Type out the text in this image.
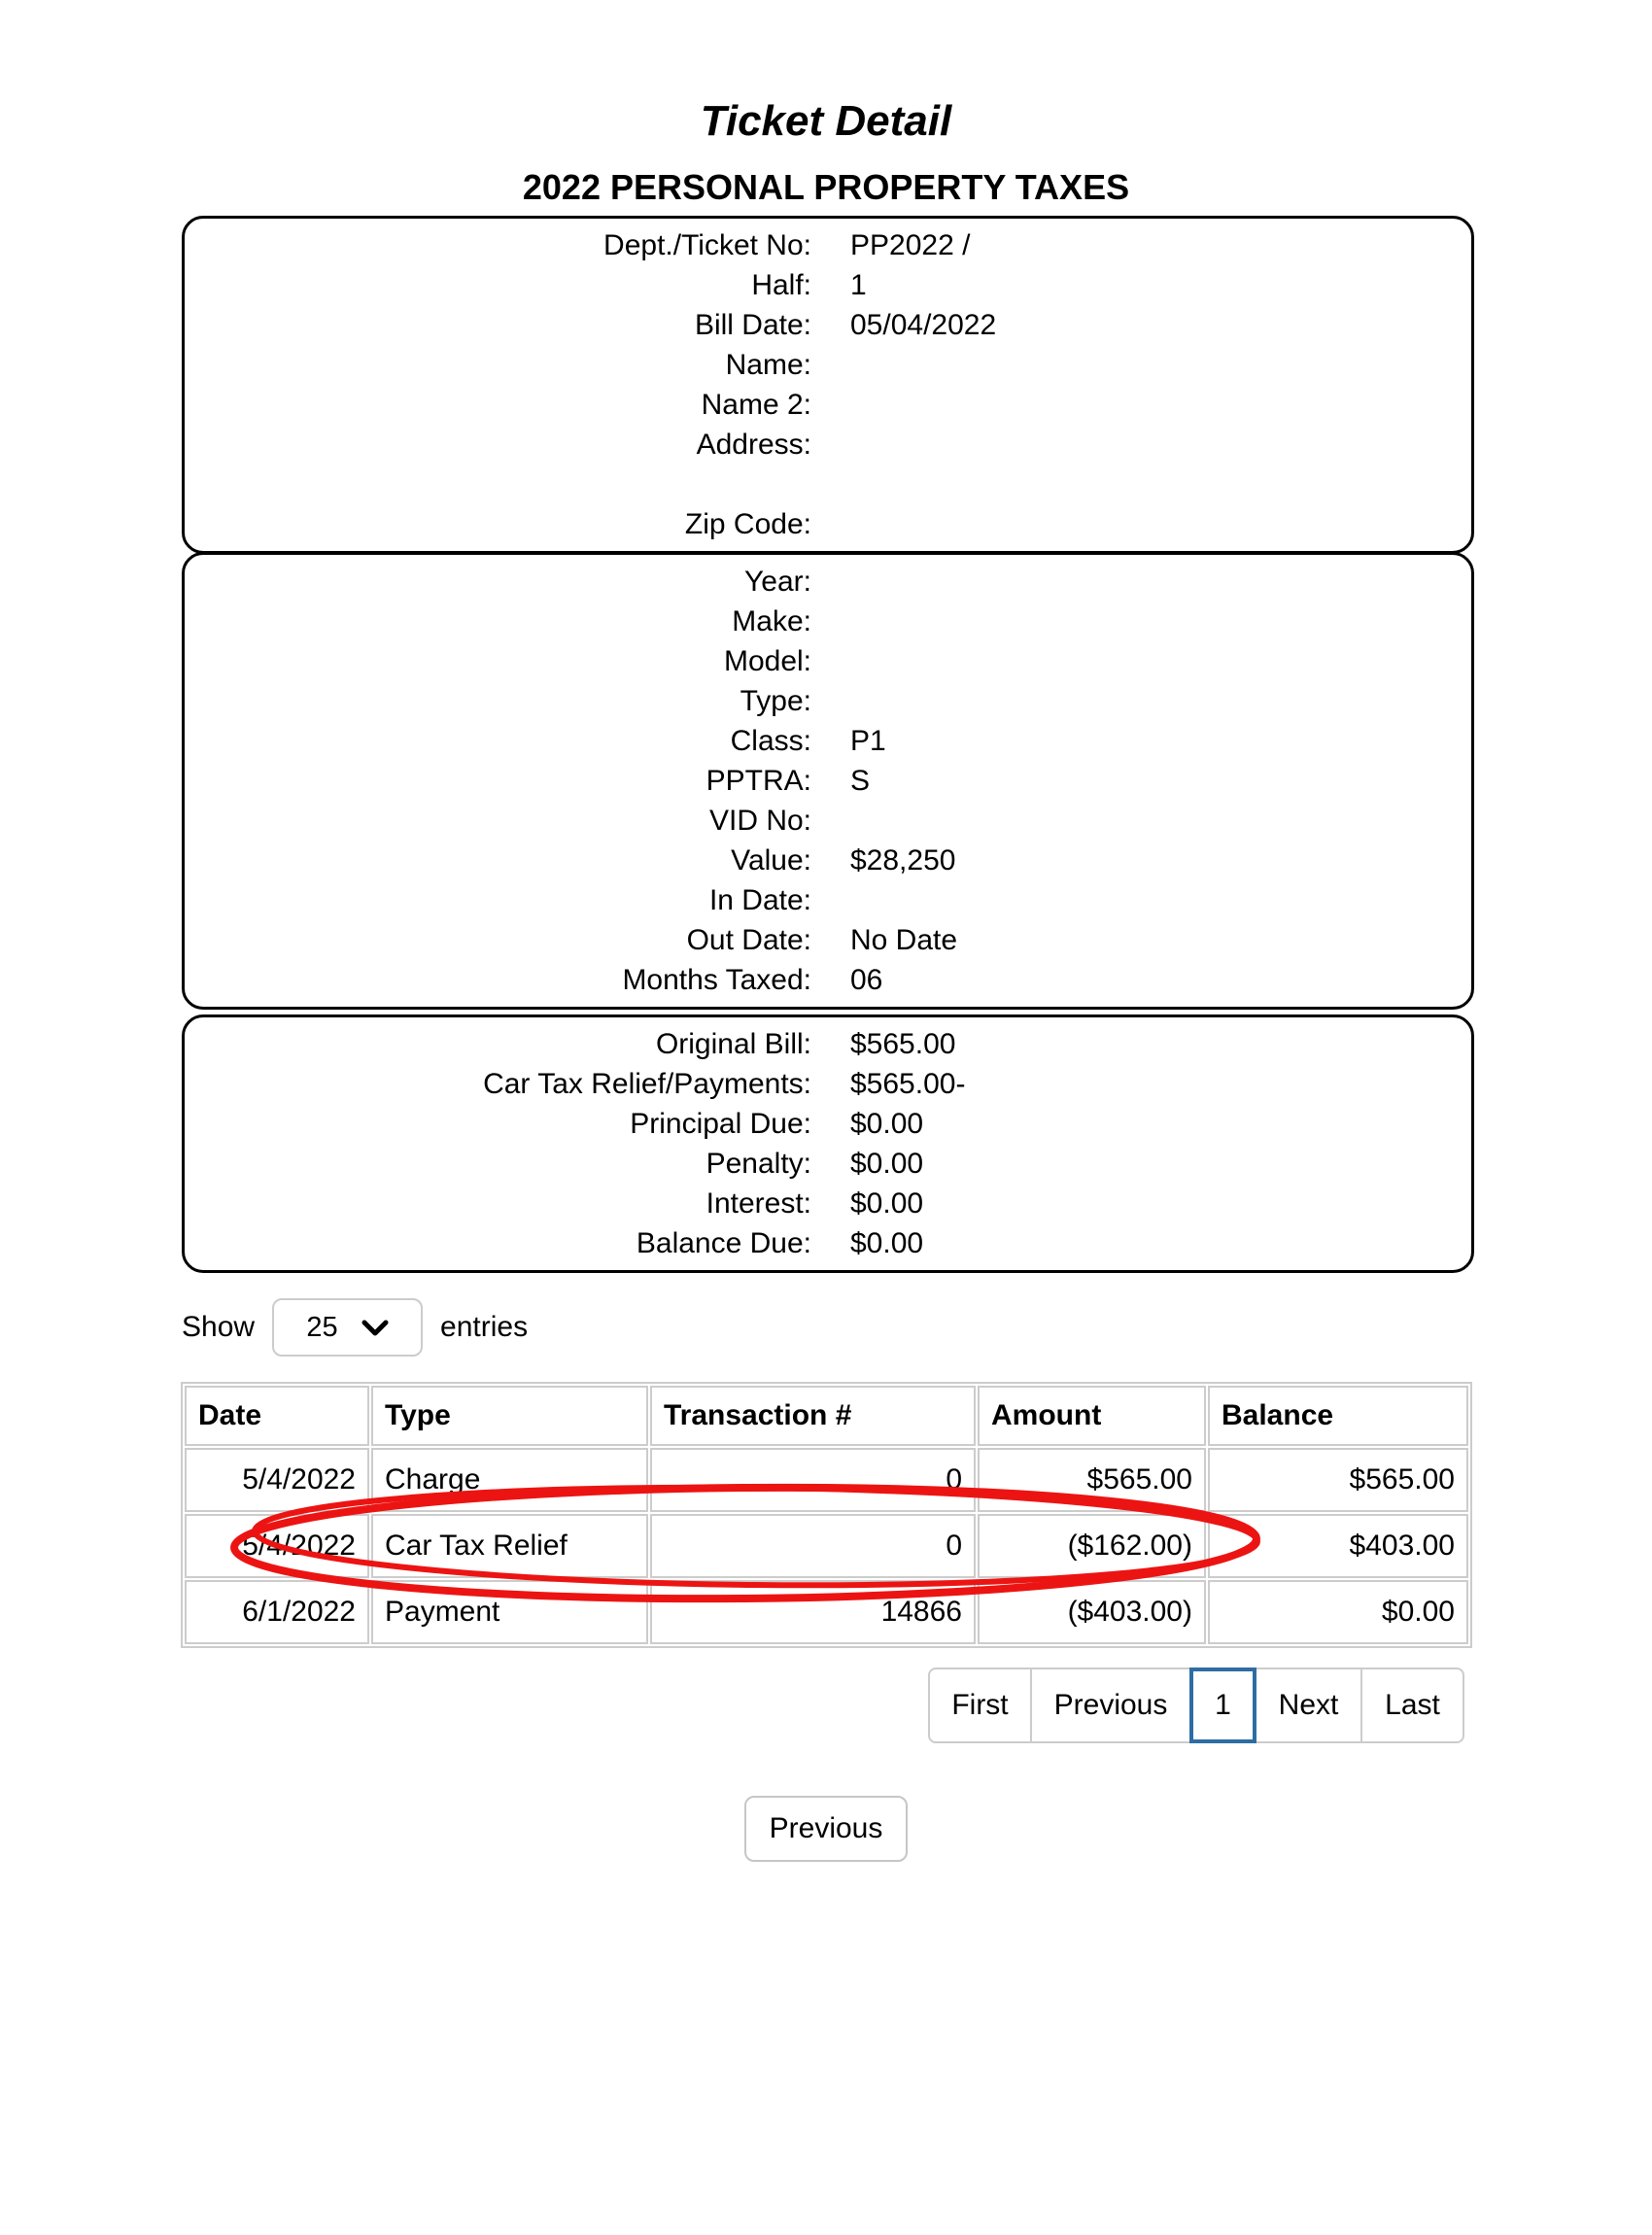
Ticket Detail
2022 PERSONAL PROPERTY TAXES
Dept./Ticket No: PP2022 /
Half: 1
Bill Date: 05/04/2022
Name:
Name 2:
Address:
Zip Code:
Year:
Make:
Model:
Type:
Class: P1
PPTRA: S
VID No:
Value: $28,250
In Date:
Out Date: No Date
Months Taxed: 06
Original Bill: $565.00
Car Tax Relief/Payments: $565.00-
Principal Due: $0.00
Penalty: $0.00
Interest: $0.00
Balance Due: $0.00
Show 25	entries
Date	Type	Transaction #	Amount	Balance
5/4/2022	Charge	0	$565.00	$565.00
5/4/2022	Car Tax Relief	0	($162.00)	$403.00
6/1/2022	Payment	14866	($403.00)	$0.00
First	Previous	1	Next	Last
Previous
